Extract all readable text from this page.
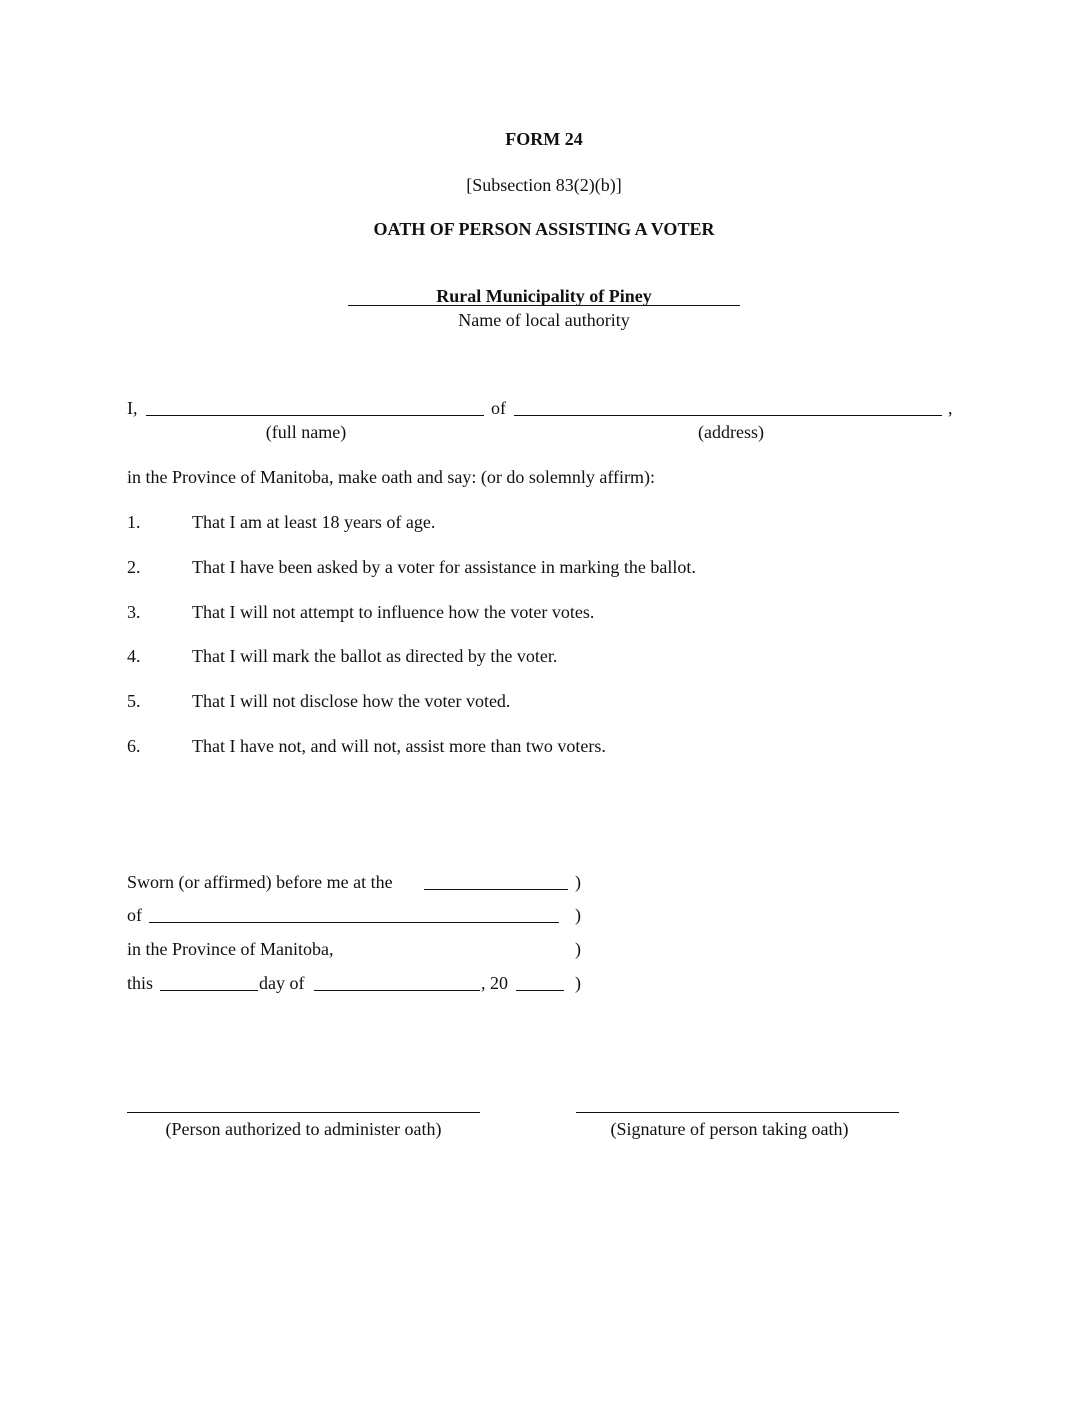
FORM 24
[Subsection 83(2)(b)]
OATH OF PERSON ASSISTING A VOTER
Rural Municipality of Piney
Name of local authority
I,	of	,
(full name)	(address)
in the Province of Manitoba, make oath and say: (or do solemnly affirm):
1.	That I am at least 18 years of age.
2.	That I have been asked by a voter for assistance in marking the ballot.
3.	That I will not attempt to influence how the voter votes.
4.	That I will mark the ballot as directed by the voter.
5.	That I will not disclose how the voter voted.
6.	That I have not, and will not, assist more than two voters.
Sworn (or affirmed) before me at the	)
of	)
in the Province of Manitoba,	)
this	day of	, 20	)
(Person authorized to administer oath)	(Signature of person taking oath)
